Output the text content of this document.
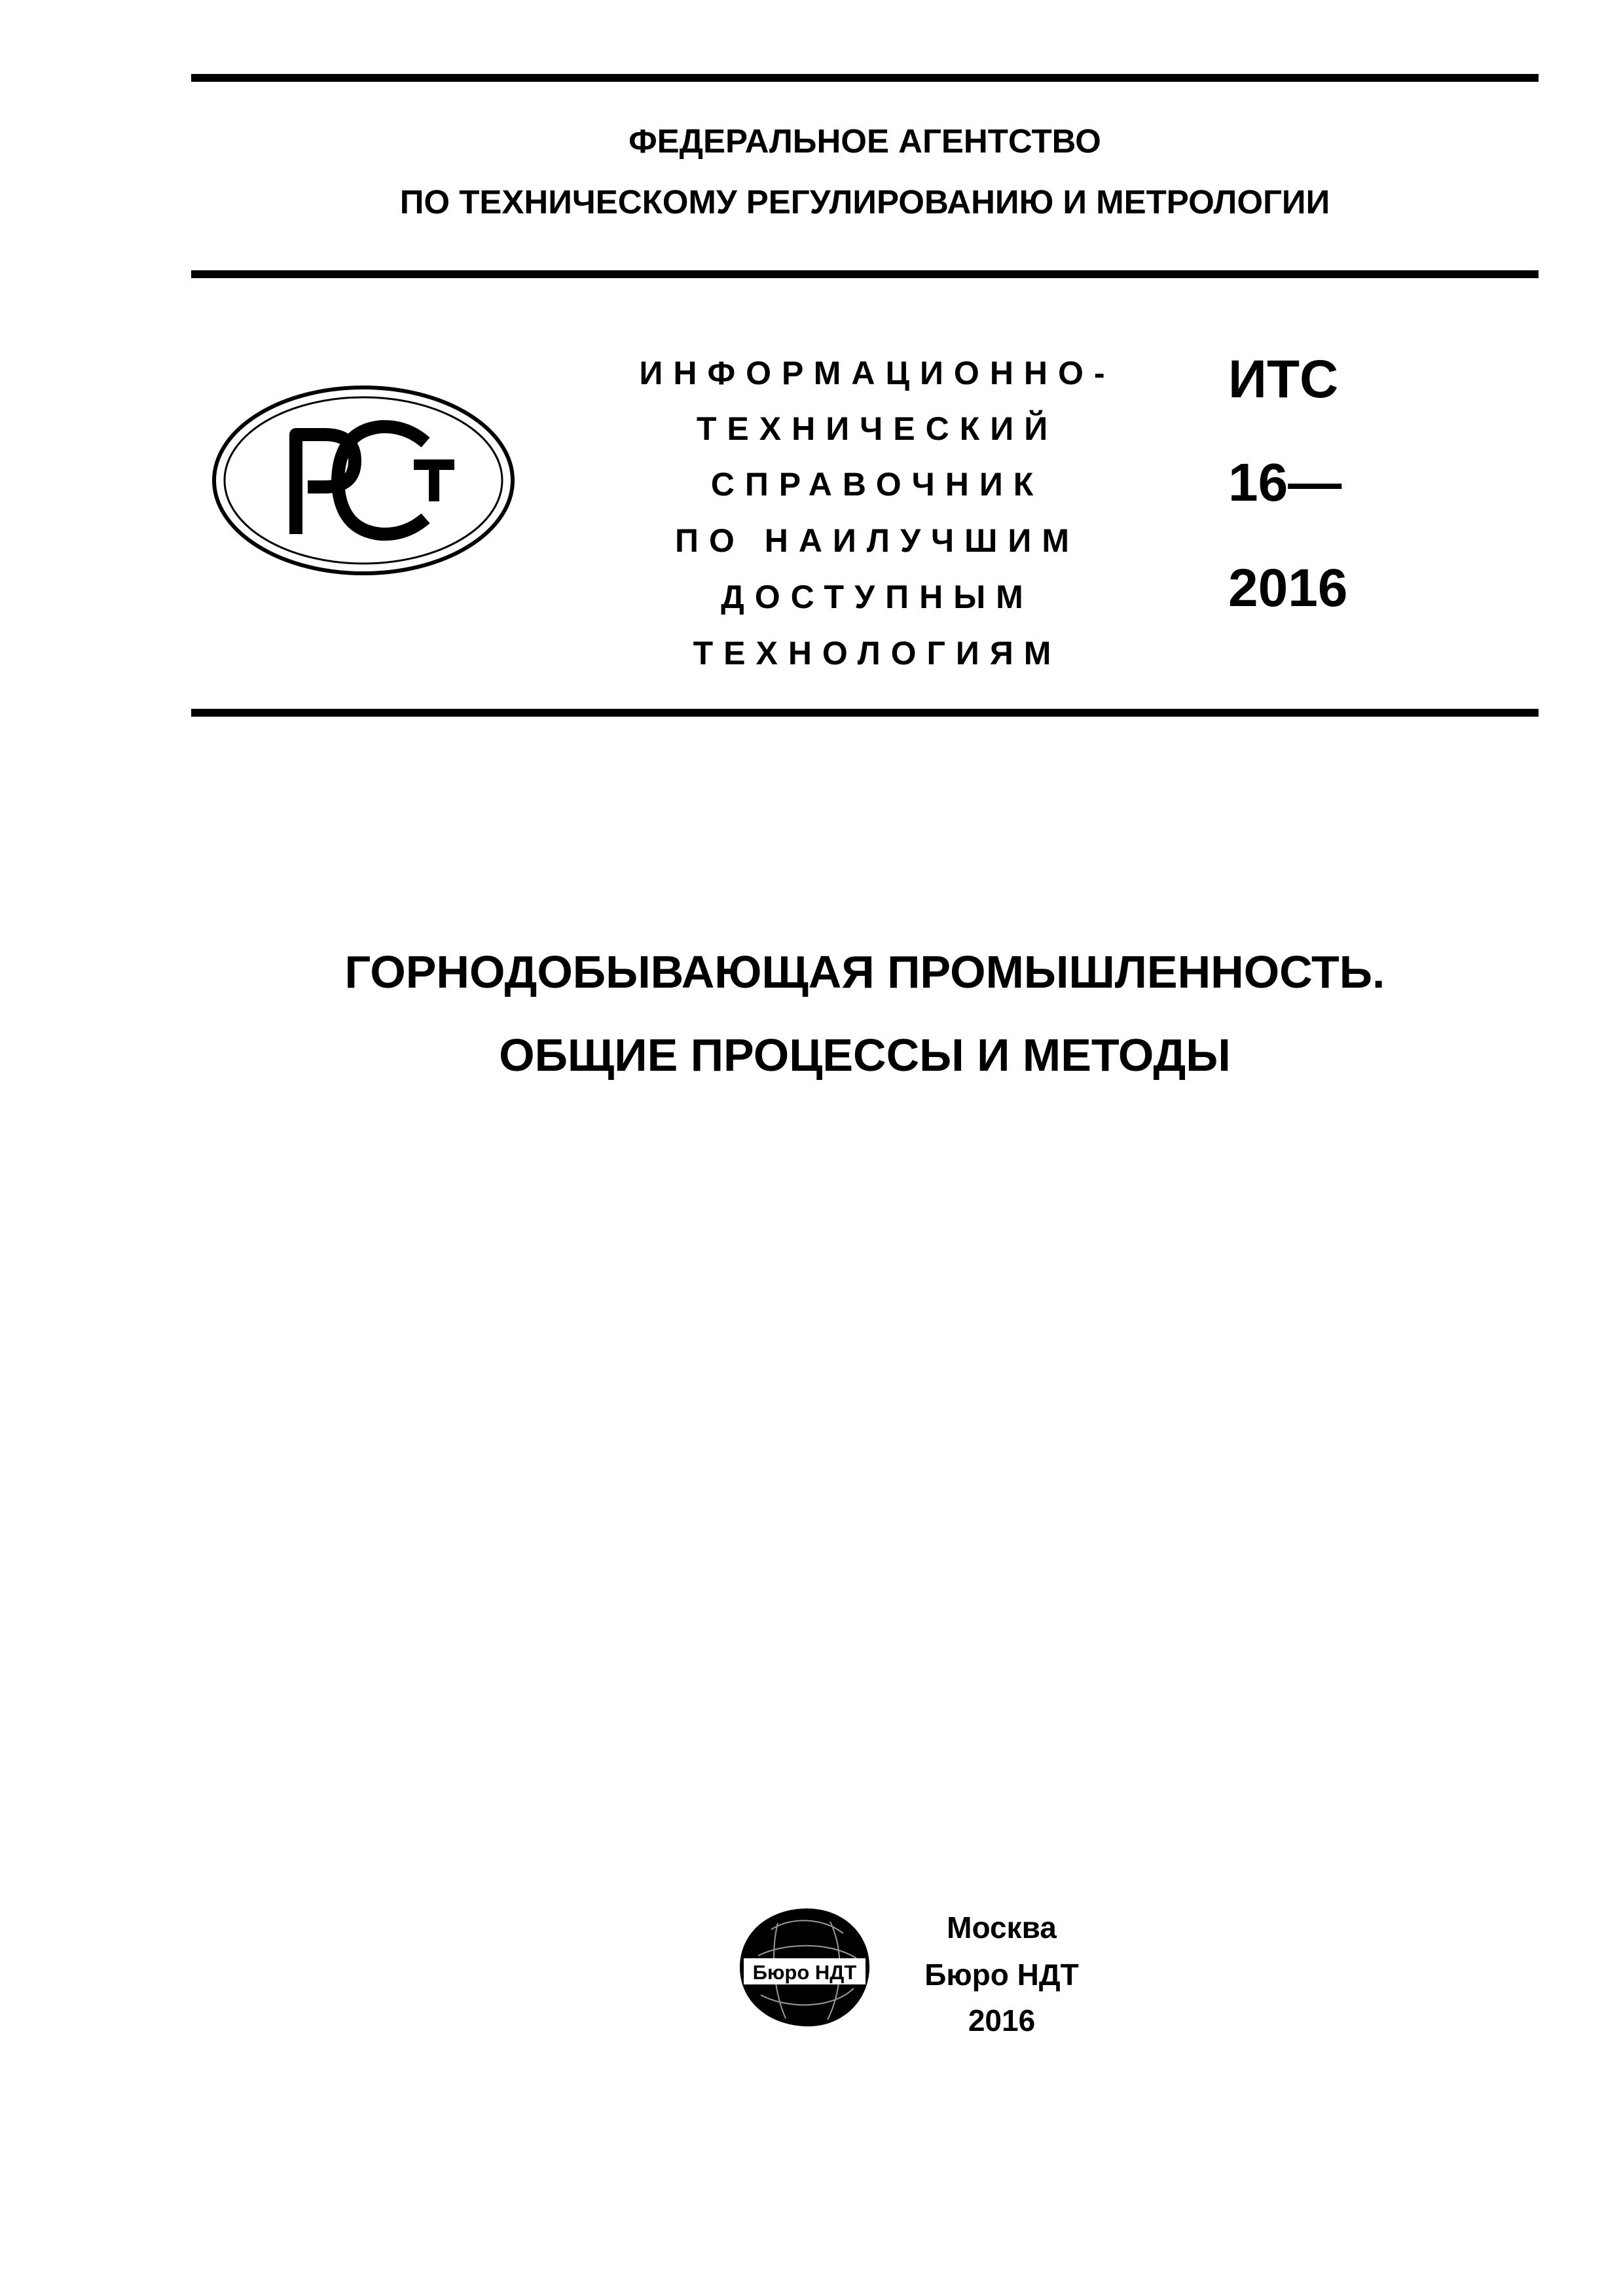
ФЕДЕРАЛЬНОЕ АГЕНТСТВО
ПО ТЕХНИЧЕСКОМУ РЕГУЛИРОВАНИЮ И МЕТРОЛОГИИ
ИНФОРМАЦИОННО-
ТЕХНИЧЕСКИЙ
СПРАВОЧНИК
ПО НАИЛУЧШИМ
ДОСТУПНЫМ
ТЕХНОЛОГИЯМ
ИТС
16—
2016
ГОРНОДОБЫВАЮЩАЯ ПРОМЫШЛЕННОСТЬ.
ОБЩИЕ ПРОЦЕССЫ И МЕТОДЫ
Бюро НДТ
Москва
Бюро НДТ
2016
